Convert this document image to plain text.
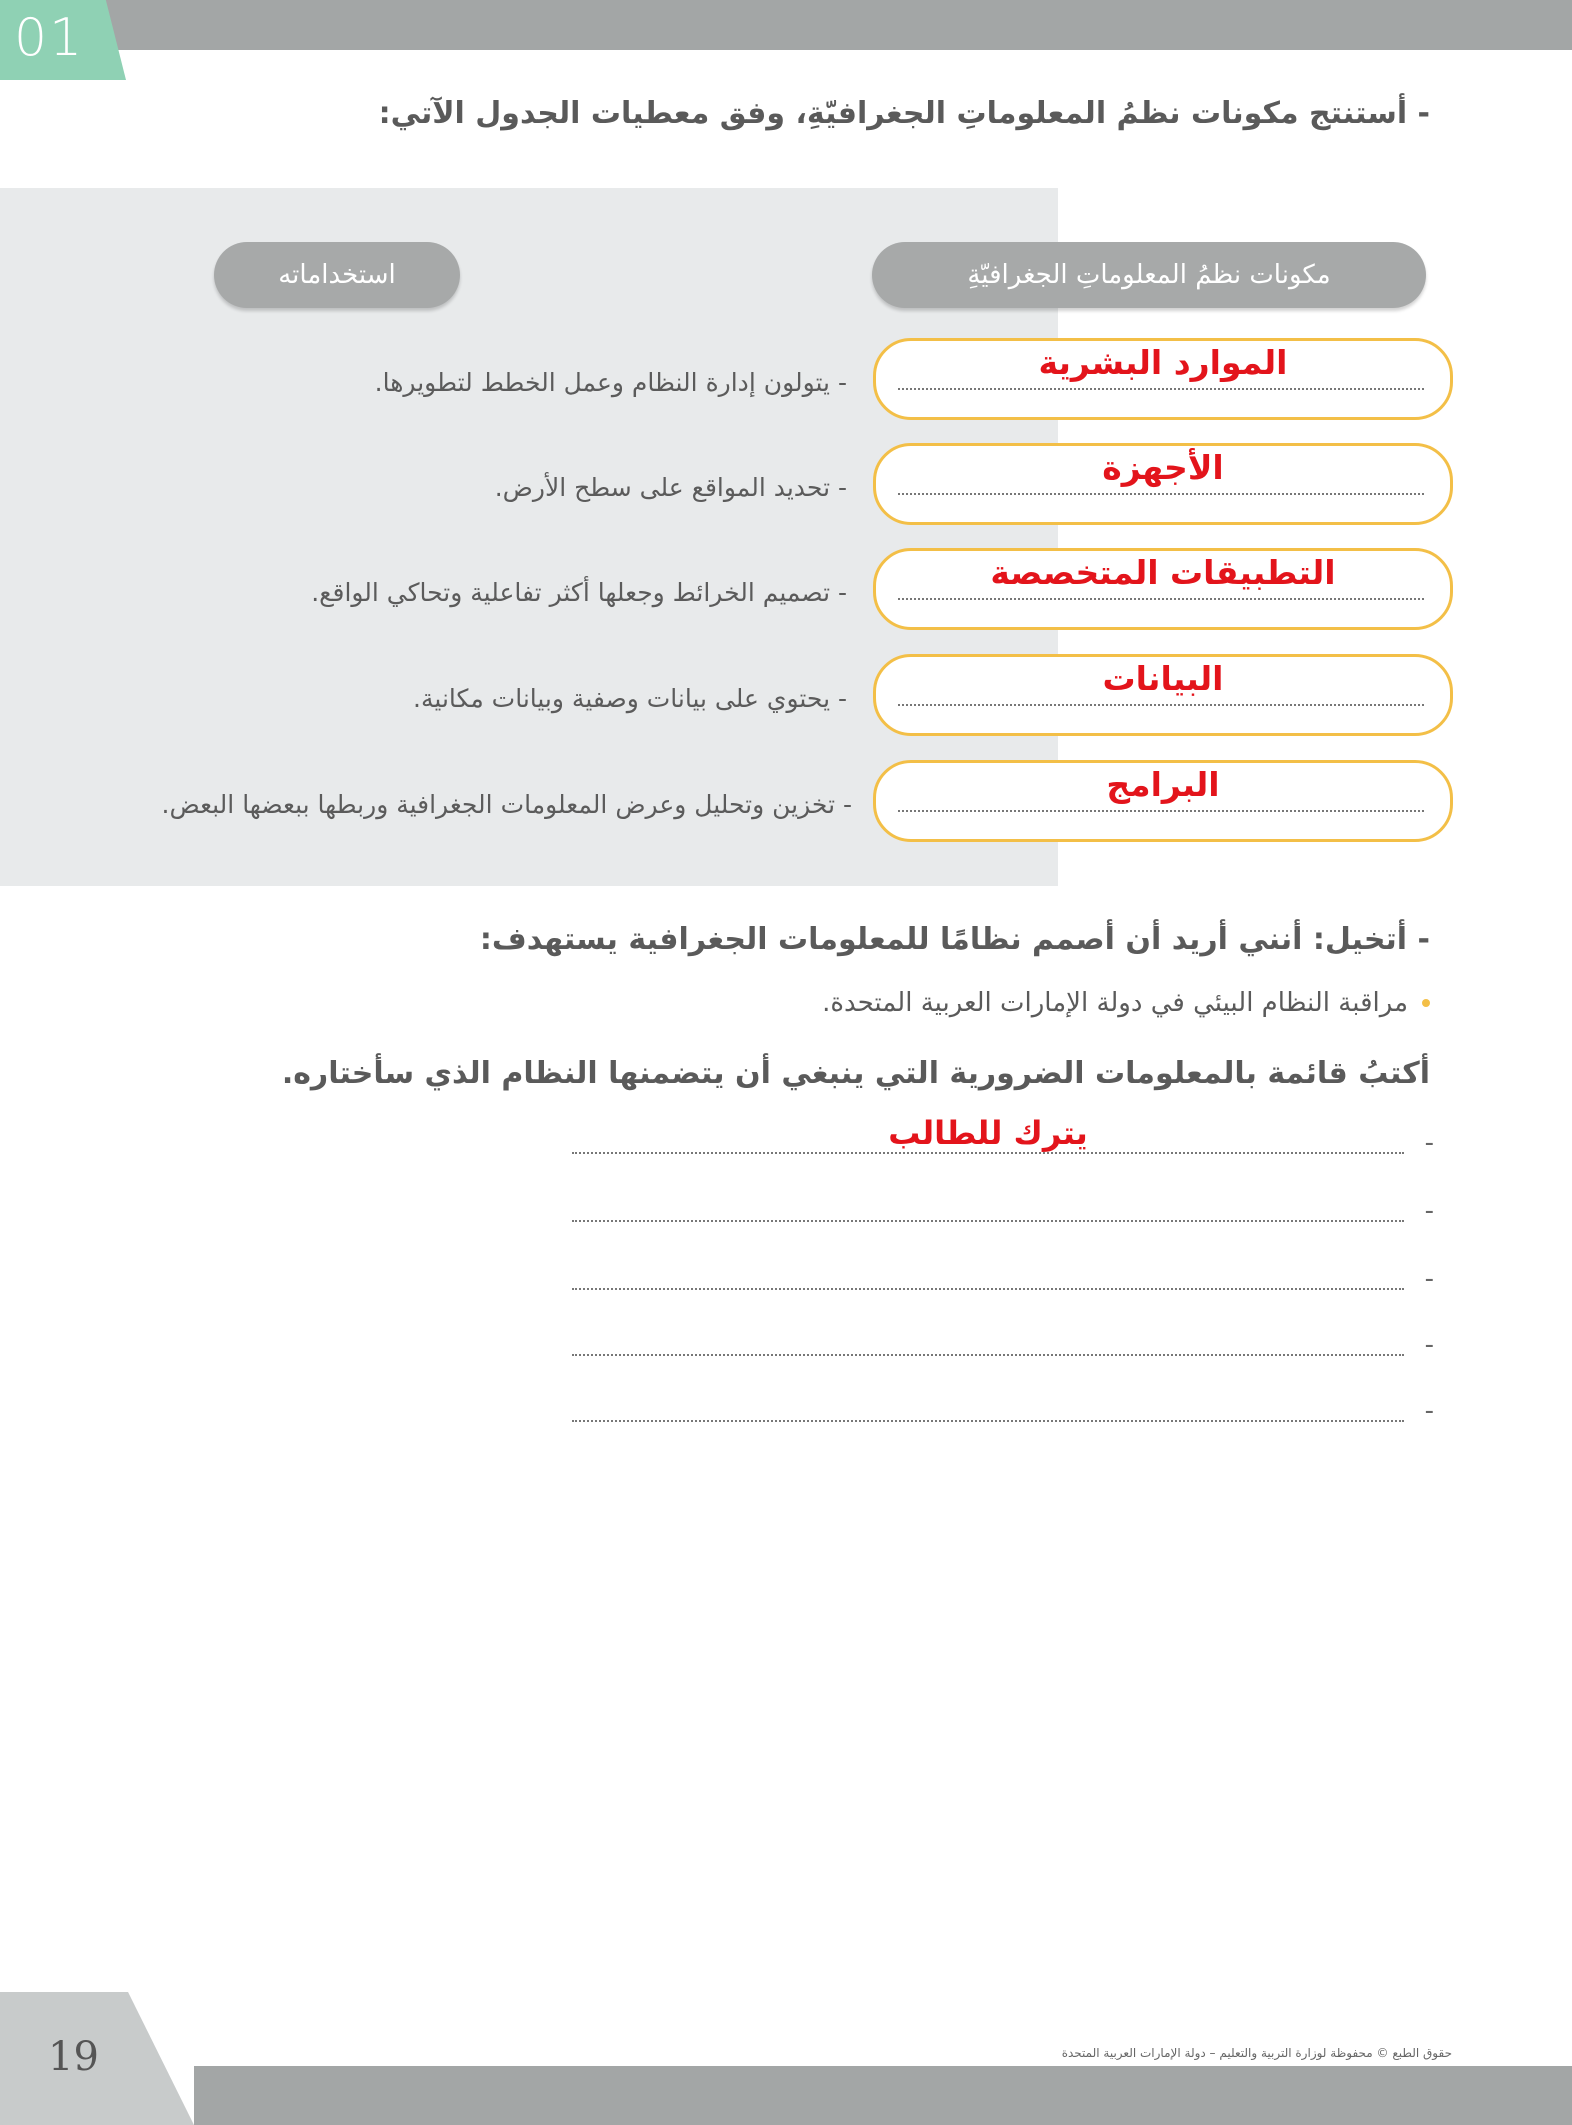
01
- أستنتج مكونات نظمُ المعلوماتِ الجغرافيّةِ، وفق معطيات الجدول الآتي:
مكونات نظمُ المعلوماتِ الجغرافيّةِ
استخداماته
الموارد البشرية
- يتولون إدارة النظام وعمل الخطط لتطويرها.
الأجهزة
- تحديد المواقع على سطح الأرض.
التطبيقات المتخصصة
- تصميم الخرائط وجعلها أكثر تفاعلية وتحاكي الواقع.
البيانات
- يحتوي على بيانات وصفية وبيانات مكانية.
البرامج
- تخزين وتحليل وعرض المعلومات الجغرافية وربطها ببعضها البعض.
- أتخيل: أنني أريد أن أصمم نظامًا للمعلومات الجغرافية يستهدف:
مراقبة النظام البيئي في دولة الإمارات العربية المتحدة.
أكتبُ قائمة بالمعلومات الضرورية التي ينبغي أن يتضمنها النظام الذي سأختاره.
-
يترك للطالب
-
-
-
-
19	حقوق الطبع © محفوظة لوزارة التربية والتعليم – دولة الإمارات العربية المتحدة
